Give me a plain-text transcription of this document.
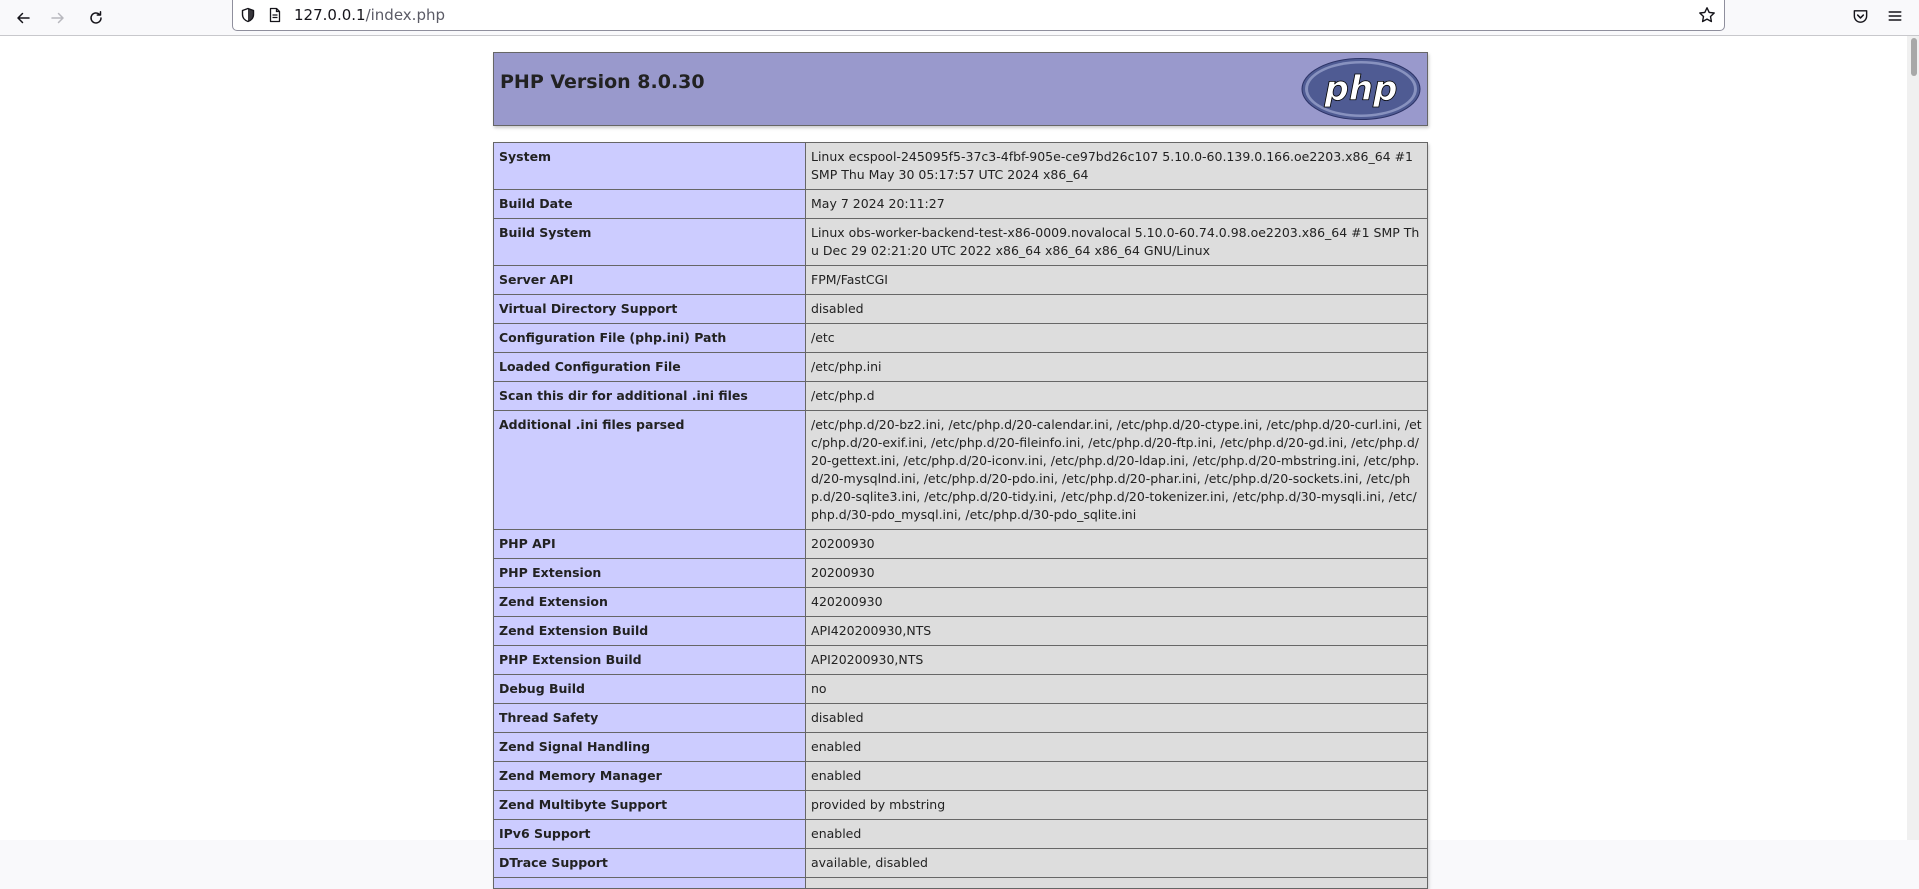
127.0.0.1/index.php
PHP Version 8.0.30	php
System	Linux ecspool-245095f5-37c3-4fbf-905e-ce97bd26c107 5.10.0-60.139.0.166.oe2203.x86_64 #1 SMP Thu May 30 05:17:57 UTC 2024 x86_64
Build Date	May 7 2024 20:11:27
Build System	Linux obs-worker-backend-test-x86-0009.novalocal 5.10.0-60.74.0.98.oe2203.x86_64 #1 SMP Thu Dec 29 02:21:20 UTC 2022 x86_64 x86_64 x86_64 GNU/Linux
Server API	FPM/FastCGI
Virtual Directory Support	disabled
Configuration File (php.ini) Path	/etc
Loaded Configuration File	/etc/php.ini
Scan this dir for additional .ini files	/etc/php.d
Additional .ini files parsed	/etc/php.d/20-bz2.ini, /etc/php.d/20-calendar.ini, /etc/php.d/20-ctype.ini, /etc/php.d/20-curl.ini, /etc/php.d/20-exif.ini, /etc/php.d/20-fileinfo.ini, /etc/php.d/20-ftp.ini, /etc/php.d/20-gd.ini, /etc/php.d/20-gettext.ini, /etc/php.d/20-iconv.ini, /etc/php.d/20-ldap.ini, /etc/php.d/20-mbstring.ini, /etc/php.d/20-mysqlnd.ini, /etc/php.d/20-pdo.ini, /etc/php.d/20-phar.ini, /etc/php.d/20-sockets.ini, /etc/php.d/20-sqlite3.ini, /etc/php.d/20-tidy.ini, /etc/php.d/20-tokenizer.ini, /etc/php.d/30-mysqli.ini, /etc/php.d/30-pdo_mysql.ini, /etc/php.d/30-pdo_sqlite.ini
PHP API	20200930
PHP Extension	20200930
Zend Extension	420200930
Zend Extension Build	API420200930,NTS
PHP Extension Build	API20200930,NTS
Debug Build	no
Thread Safety	disabled
Zend Signal Handling	enabled
Zend Memory Manager	enabled
Zend Multibyte Support	provided by mbstring
IPv6 Support	enabled
DTrace Support	available, disabled
